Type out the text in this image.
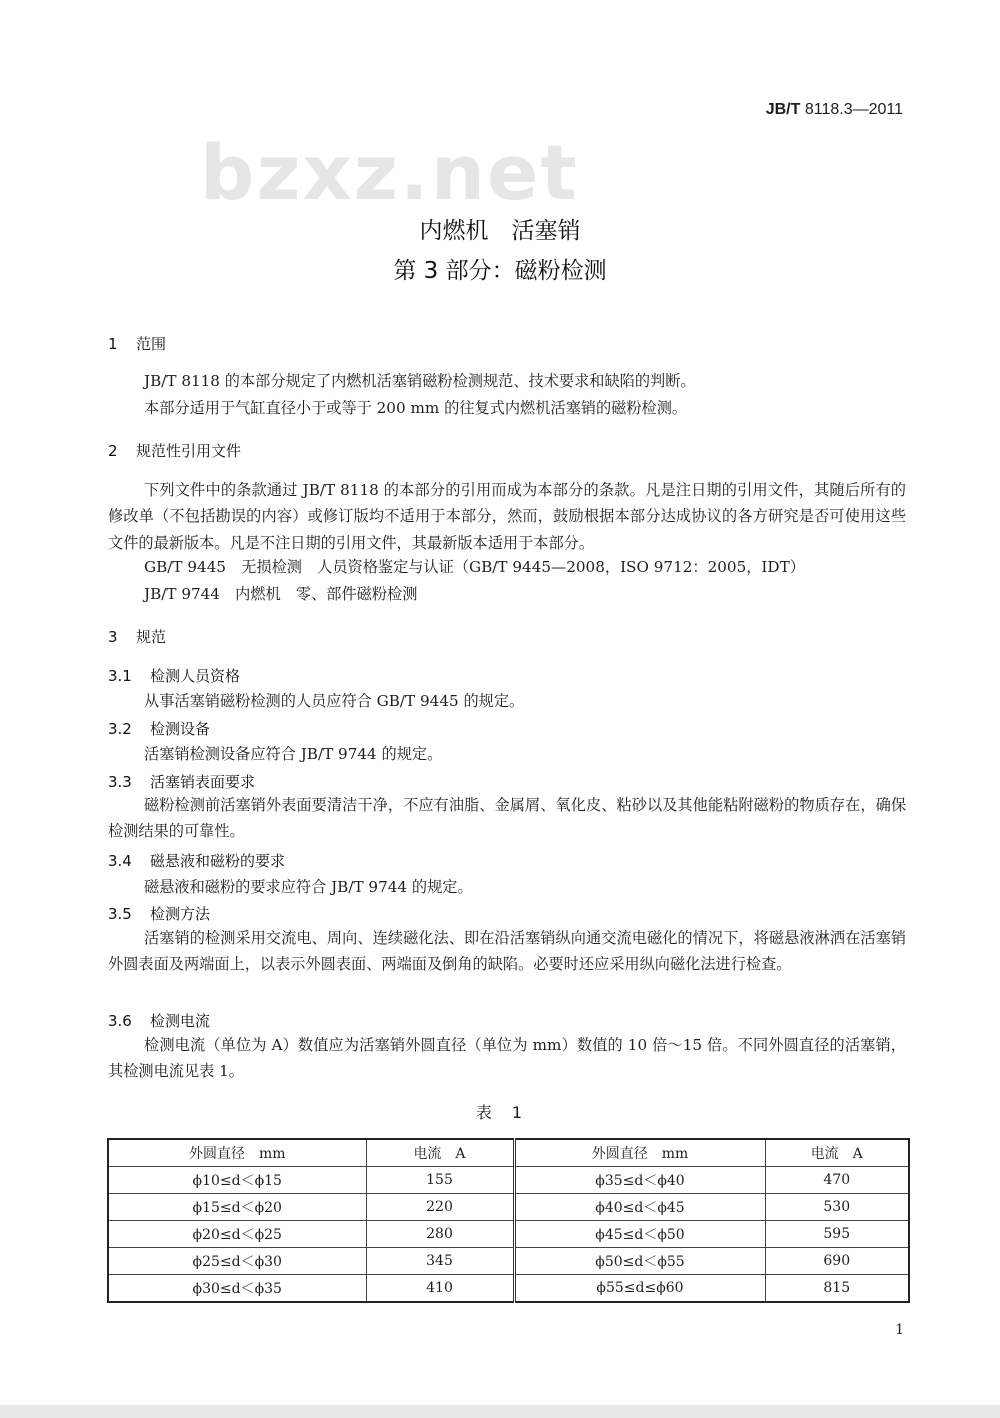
JB/T 8118.3—2011
bzxz.net
内燃机　活塞销
第 3 部分：磁粉检测
1 范围

JB/T 8118 的本部分规定了内燃机活塞销磁粉检测规范、技术要求和缺陷的判断。

本部分适用于气缸直径小于或等于 200 mm 的往复式内燃机活塞销的磁粉检测。

2 规范性引用文件

下列文件中的条款通过 JB/T 8118 的本部分的引用而成为本部分的条款。凡是注日期的引用文件，其随后所有的修改单（不包括勘误的内容）或修订版均不适用于本部分，然而，鼓励根据本部分达成协议的各方研究是否可使用这些文件的最新版本。凡是不注日期的引用文件，其最新版本适用于本部分。

GB/T 9445　无损检测　人员资格鉴定与认证（GB/T 9445—2008，ISO 9712：2005，IDT）

JB/T 9744　内燃机　零、部件磁粉检测

3 规范
3.1 检测人员资格

从事活塞销磁粉检测的人员应符合 GB/T 9445 的规定。

3.2 检测设备

活塞销检测设备应符合 JB/T 9744 的规定。

3.3 活塞销表面要求

磁粉检测前活塞销外表面要清洁干净，不应有油脂、金属屑、氧化皮、粘砂以及其他能粘附磁粉的物质存在，确保检测结果的可靠性。

3.4 磁悬液和磁粉的要求

磁悬液和磁粉的要求应符合 JB/T 9744 的规定。

3.5 检测方法

活塞销的检测采用交流电、周向、连续磁化法、即在沿活塞销纵向通交流电磁化的情况下，将磁悬液淋洒在活塞销外圆表面及两端面上，以表示外圆表面、两端面及倒角的缺陷。必要时还应采用纵向磁化法进行检查。

3.6 检测电流

检测电流（单位为 A）数值应为活塞销外圆直径（单位为 mm）数值的 10 倍～15 倍。不同外圆直径的活塞销，其检测电流见表 1。

表　1
外圆直径　mm	电流　A	外圆直径　mm	电流　A
ϕ10≤d＜ϕ15	155	ϕ35≤d＜ϕ40	470
ϕ15≤d＜ϕ20	220	ϕ40≤d＜ϕ45	530
ϕ20≤d＜ϕ25	280	ϕ45≤d＜ϕ50	595
ϕ25≤d＜ϕ30	345	ϕ50≤d＜ϕ55	690
ϕ30≤d＜ϕ35	410	ϕ55≤d≤ϕ60	815
1
